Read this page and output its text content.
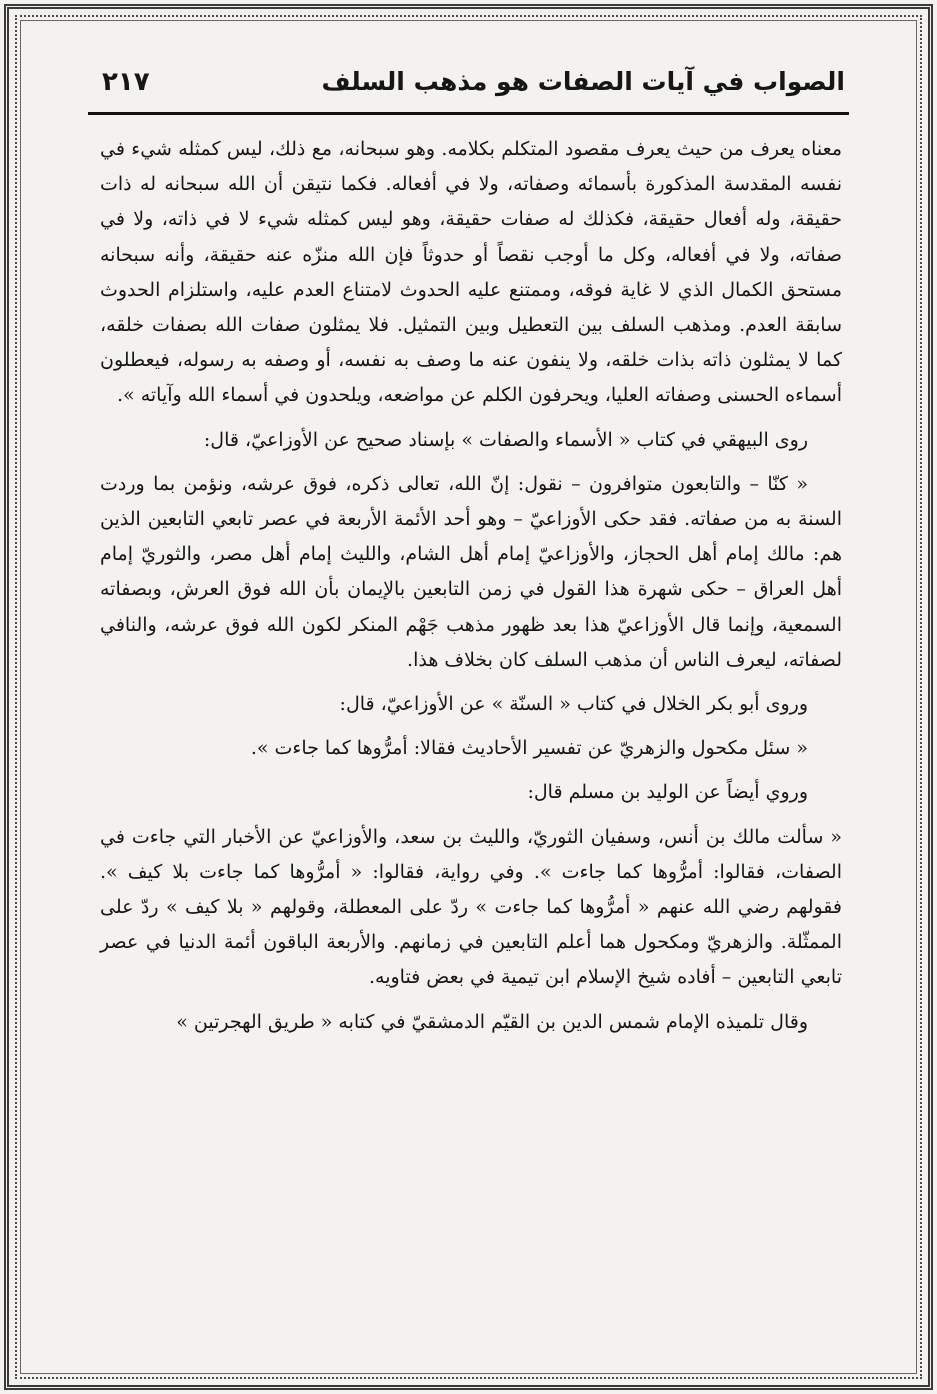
الصواب في آيات الصفات هو مذهب السلف
٢١٧

معناه يعرف من حيث يعرف مقصود المتكلم بكلامه. وهو سبحانه، مع ذلك، ليس كمثله شيء في نفسه المقدسة المذكورة بأسمائه وصفاته، ولا في أفعاله. فكما نتيقن أن الله سبحانه له ذات حقيقة، وله أفعال حقيقة، فكذلك له صفات حقيقة، وهو ليس كمثله شيء لا في ذاته، ولا في صفاته، ولا في أفعاله، وكل ما أوجب نقصاً أو حدوثاً فإن الله منزّه عنه حقيقة، وأنه سبحانه مستحق الكمال الذي لا غاية فوقه، وممتنع عليه الحدوث لامتناع العدم عليه، واستلزام الحدوث سابقة العدم. ومذهب السلف بين التعطيل وبين التمثيل. فلا يمثلون صفات الله بصفات خلقه، كما لا يمثلون ذاته بذات خلقه، ولا ينفون عنه ما وصف به نفسه، أو وصفه به رسوله، فيعطلون أسماءه الحسنى وصفاته العليا، ويحرفون الكلم عن مواضعه، ويلحدون في أسماء الله وآياته ».

روى البيهقي في كتاب « الأسماء والصفات » بإسناد صحيح عن الأوزاعيّ، قال:

« كنّا – والتابعون متوافرون – نقول: إنّ الله، تعالى ذكره، فوق عرشه، ونؤمن بما وردت السنة به من صفاته. فقد حكى الأوزاعيّ – وهو أحد الأئمة الأربعة في عصر تابعي التابعين الذين هم: مالك إمام أهل الحجاز، والأوزاعيّ إمام أهل الشام، والليث إمام أهل مصر، والثوريّ إمام أهل العراق – حكى شهرة هذا القول في زمن التابعين بالإيمان بأن الله فوق العرش، وبصفاته السمعية، وإنما قال الأوزاعيّ هذا بعد ظهور مذهب جَهْم المنكر لكون الله فوق عرشه، والنافي لصفاته، ليعرف الناس أن مذهب السلف كان بخلاف هذا.

وروى أبو بكر الخلال في كتاب « السنّة » عن الأوزاعيّ، قال:

« سئل مكحول والزهريّ عن تفسير الأحاديث فقالا: أمرُّوها كما جاءت ».

وروي أيضاً عن الوليد بن مسلم قال:

« سألت مالك بن أنس، وسفيان الثوريّ، والليث بن سعد، والأوزاعيّ عن الأخبار التي جاءت في الصفات، فقالوا: أمرُّوها كما جاءت ». وفي رواية، فقالوا: « أمرُّوها كما جاءت بلا كيف ». فقولهم رضي الله عنهم « أمرُّوها كما جاءت » ردّ على المعطلة، وقولهم « بلا كيف » ردّ على الممثّلة. والزهريّ ومكحول هما أعلم التابعين في زمانهم. والأربعة الباقون أئمة الدنيا في عصر تابعي التابعين – أفاده شيخ الإسلام ابن تيمية في بعض فتاويه.

وقال تلميذه الإمام شمس الدين بن القيّم الدمشقيّ في كتابه « طريق الهجرتين »
